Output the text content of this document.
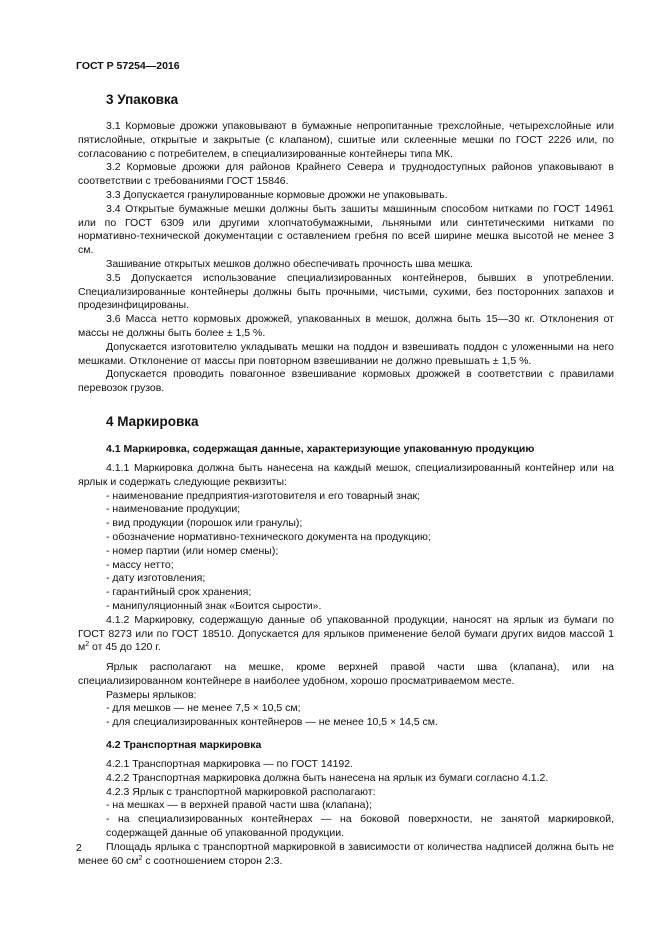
ГОСТ Р 57254—2016
3 Упаковка

3.1 Кормовые дрожжи упаковывают в бумажные непропитанные трехслойные, четырехслойные или пятислойные, открытые и закрытые (с клапаном), сшитые или склеенные мешки по ГОСТ 2226 или, по согласованию с потребителем, в специализированные контейнеры типа МК.

3.2 Кормовые дрожжи для районов Крайнего Севера и труднодоступных районов упаковывают в соответствии с требованиями ГОСТ 15846.

3.3 Допускается гранулированные кормовые дрожжи не упаковывать.

3.4 Открытые бумажные мешки должны быть зашиты машинным способом нитками по ГОСТ 14961 или по ГОСТ 6309 или другими хлопчатобумажными, льняными или синтетическими нитками по нормативно-технической документации с оставлением гребня по всей ширине мешка высотой не менее 3 см.

Зашивание открытых мешков должно обеспечивать прочность шва мешка.

3.5 Допускается использование специализированных контейнеров, бывших в употреблении. Специализированные контейнеры должны быть прочными, чистыми, сухими, без посторонних запахов и продезинфицированы.

3.6 Масса нетто кормовых дрожжей, упакованных в мешок, должна быть 15—30 кг. Отклонения от массы не должны быть более ± 1,5 %.

Допускается изготовителю укладывать мешки на поддон и взвешивать поддон с уложенными на него мешками. Отклонение от массы при повторном взвешивании не должно превышать ± 1,5 %.

Допускается проводить повагонное взвешивание кормовых дрожжей в соответствии с правилами перевозок грузов.

4 Маркировка
4.1 Маркировка, содержащая данные, характеризующие упакованную продукцию

4.1.1 Маркировка должна быть нанесена на каждый мешок, специализированный контейнер или на ярлык и содержать следующие реквизиты:

- наименование предприятия-изготовителя и его товарный знак;

- наименование продукции;

- вид продукции (порошок или гранулы);

- обозначение нормативно-технического документа на продукцию;

- номер партии (или номер смены);

- массу нетто;

- дату изготовления;

- гарантийный срок хранения;

- манипуляционный знак «Боится сырости».

4.1.2 Маркировку, содержащую данные об упакованной продукции, наносят на ярлык из бумаги по ГОСТ 8273 или по ГОСТ 18510. Допускается для ярлыков применение белой бумаги других видов массой 1 $м^2$ от 45 до 120 г.

Ярлык располагают на мешке, кроме верхней правой части шва (клапана), или на специализированном контейнере в наиболее удобном, хорошо просматриваемом месте.

Размеры ярлыков:

- для мешков — не менее 7,5 × 10,5 см;

- для специализированных контейнеров — не менее 10,5 × 14,5 см.

4.2 Транспортная маркировка

4.2.1 Транспортная маркировка — по ГОСТ 14192.

4.2.2 Транспортная маркировка должна быть нанесена на ярлык из бумаги согласно 4.1.2.

4.2.3 Ярлык с транспортной маркировкой располагают:

- на мешках — в верхней правой части шва (клапана);

- на специализированных контейнерах — на боковой поверхности, не занятой маркировкой, содержащей данные об упакованной продукции.

Площадь ярлыка с транспортной маркировкой в зависимости от количества надписей должна быть не менее 60 $см^2$ с соотношением сторон 2:3.

2
